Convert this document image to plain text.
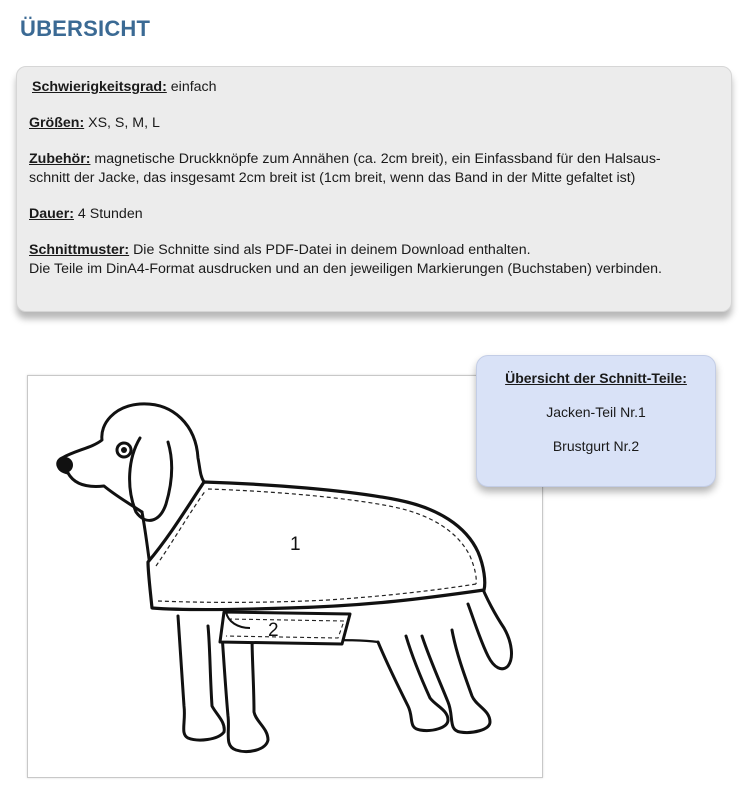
ÜBERSICHT
Schwierigkeitsgrad: einfach
Größen: XS, S, M, L
Zubehör: magnetische Druckknöpfe zum Annähen (ca. 2cm breit), ein Einfassband für den Halsaus-
schnitt der Jacke, das insgesamt 2cm breit ist (1cm breit, wenn das Band in der Mitte gefaltet ist)
Dauer: 4 Stunden
Schnittmuster: Die Schnitte sind als PDF-Datei in deinem Download enthalten.
Die Teile im DinA4-Format ausdrucken und an den jeweiligen Markierungen (Buchstaben) verbinden.
1
2
Übersicht der Schnitt-Teile:
Jacken-Teil Nr.1
Brustgurt Nr.2
